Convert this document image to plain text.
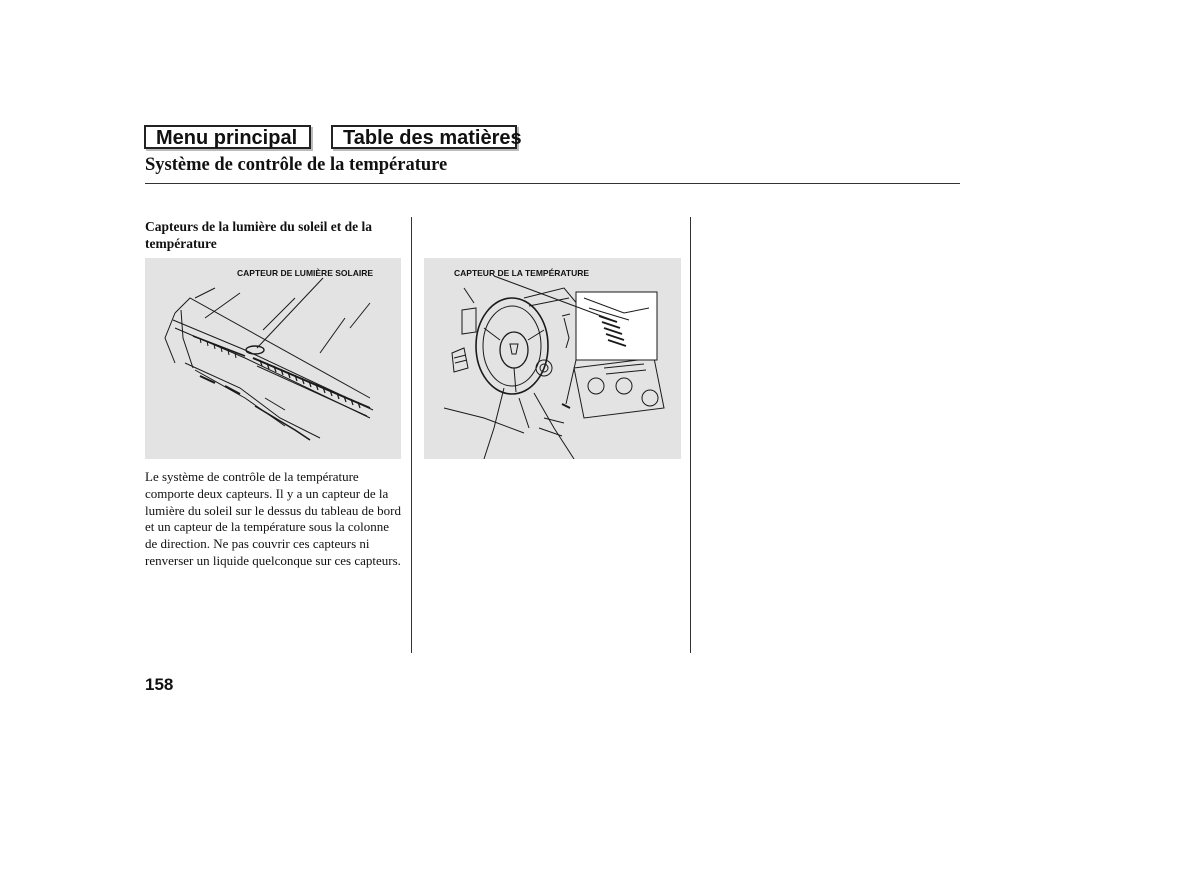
Menu principal	Table des matières
Système de contrôle de la température
Capteurs de la lumière du soleil et de la température
CAPTEUR DE LUMIÈRE SOLAIRE	CAPTEUR DE LA TEMPÉRATURE
Le système de contrôle de la température comporte deux capteurs. Il y a un capteur de la lumière du soleil sur le dessus du tableau de bord et un capteur de la température sous la colonne de direction. Ne pas couvrir ces capteurs ni renverser un liquide quelconque sur ces capteurs.
158
